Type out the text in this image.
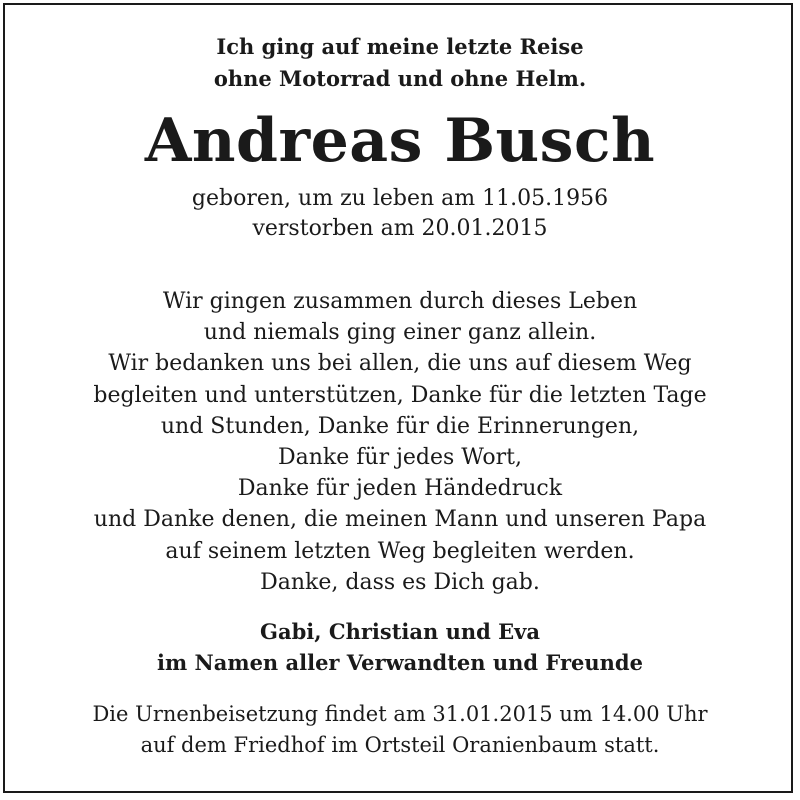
Ich ging auf meine letzte Reise
ohne Motorrad und ohne Helm.
Andreas Busch
geboren, um zu leben am 11.05.1956
verstorben am 20.01.2015
Wir gingen zusammen durch dieses Leben
und niemals ging einer ganz allein.
Wir bedanken uns bei allen, die uns auf diesem Weg
begleiten und unterstützen, Danke für die letzten Tage
und Stunden, Danke für die Erinnerungen,
Danke für jedes Wort,
Danke für jeden Händedruck
und Danke denen, die meinen Mann und unseren Papa
auf seinem letzten Weg begleiten werden.
Danke, dass es Dich gab.
Gabi, Christian und Eva
im Namen aller Verwandten und Freunde
Die Urnenbeisetzung findet am 31.01.2015 um 14.00 Uhr
auf dem Friedhof im Ortsteil Oranienbaum statt.
